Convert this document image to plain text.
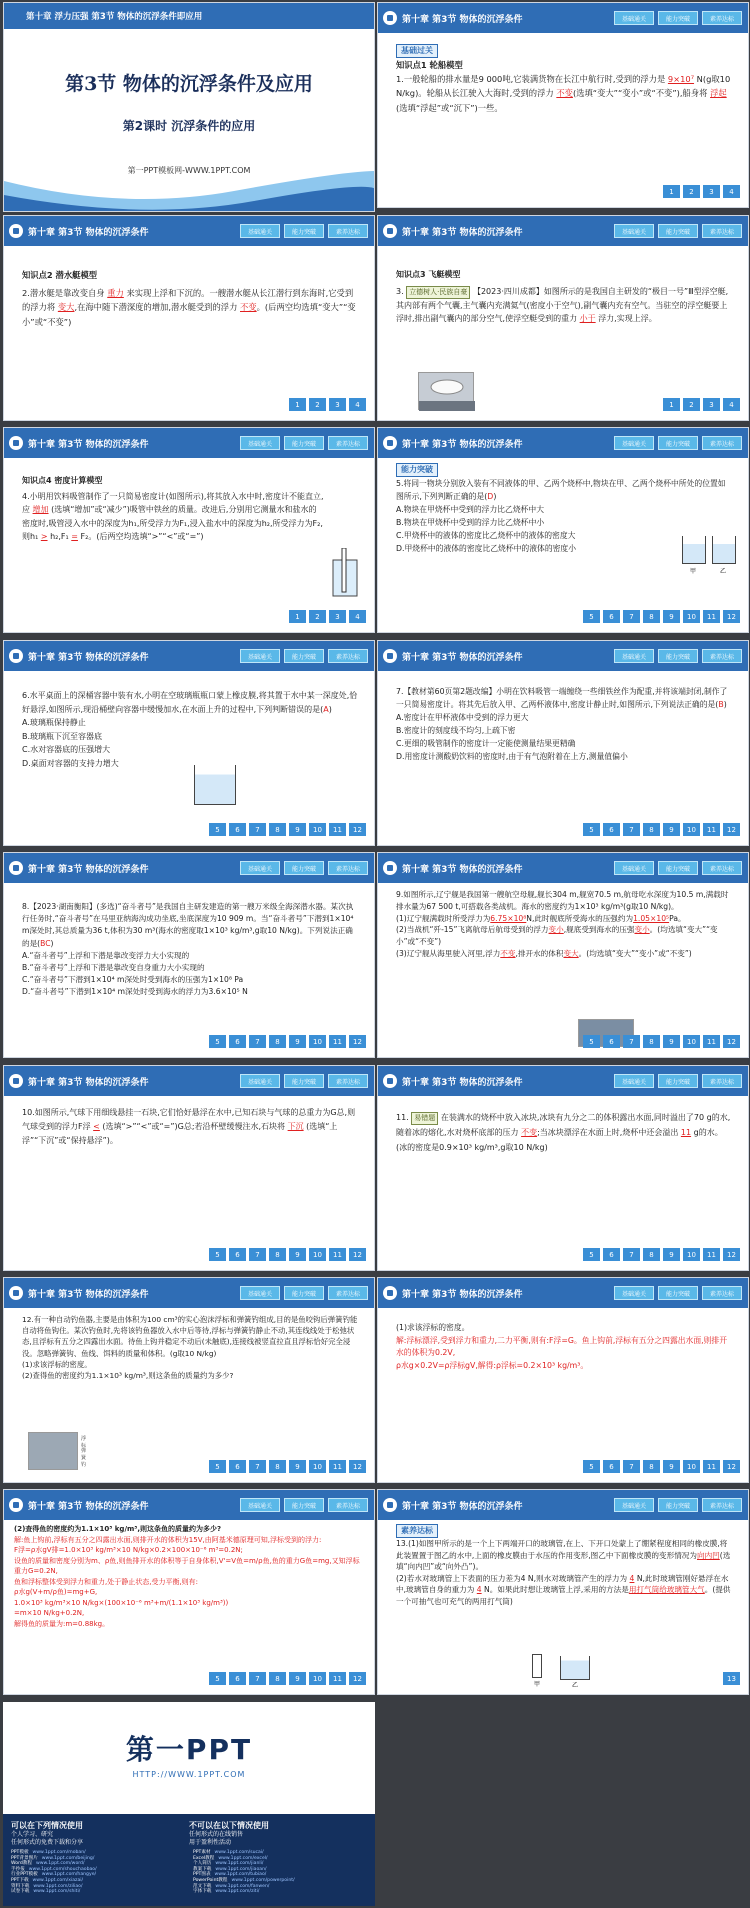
第十章 浮力压强 第3节 物体的沉浮条件即应用
第3节 物体的沉浮条件及应用
第2课时 沉浮条件的应用
第一PPT模板网-WWW.1PPT.COM
第十章 第3节 物体的沉浮条件	基础通关	能力突破	素养达标

基础过关

知识点1 轮船模型

1.一般轮船的排水量是9 000吨,它装满货物在长江中航行时,受到的浮力是 9×10⁷ N(g取10 N/kg)。轮船从长江驶入大海时,受到的浮力 不变(选填“变大”“变小”或“不变”),船身将 浮起(选填“浮起”或“沉下”)一些。

1	2	3	4
第十章 第3节 物体的沉浮条件	基础通关	能力突破	素养达标

知识点2 潜水艇模型

2.潜水艇是靠改变自身 重力 来实现上浮和下沉的。一艘潜水艇从长江潜行到东海时,它受到的浮力将 变大,在海中随下潜深度的增加,潜水艇受到的浮力 不变。(后两空均选填“变大”“变小”或“不变”)

1	2	3	4
第十章 第3节 物体的沉浮条件	基础通关	能力突破	素养达标

知识点3 飞艇模型

3. 立德树人·民族自豪 【2023·四川成都】如图所示的是我国自主研发的“极目一号”Ⅲ型浮空艇,其内部有两个气囊,主气囊内充满氦气(密度小于空气),副气囊内充有空气。当驻空的浮空艇要上浮时,排出副气囊内的部分空气,使浮空艇受到的重力 小于 浮力,实现上浮。

1	2	3	4
第十章 第3节 物体的沉浮条件	基础通关	能力突破	素养达标

知识点4 密度计算模型

4.小明用饮料吸管制作了一只简易密度计(如图所示),将其放入水中时,密度计不能直立,应 增加 (选填“增加”或“减少”)吸管中铁丝的质量。改进后,分别用它测量水和盐水的密度时,吸管浸入水中的深度为h₁,所受浮力为F₁,浸入盐水中的深度为h₂,所受浮力为F₂,则h₁ > h₂,F₁ = F₂。(后两空均选填“>”“<”或“=”)

1	2	3	4
第十章 第3节 物体的沉浮条件	基础通关	能力突破	素养达标

能力突破

5.将同一物块分别放入装有不同液体的甲、乙两个烧杯中,物块在甲、乙两个烧杯中所处的位置如图所示,下列判断正确的是(D)

A.物块在甲烧杯中受到的浮力比乙烧杯中大

B.物块在甲烧杯中受到的浮力比乙烧杯中小

C.甲烧杯中的液体的密度比乙烧杯中的液体的密度大

D.甲烧杯中的液体的密度比乙烧杯中的液体的密度小

甲	乙
5	6	7	8	9	10	11	12
第十章 第3节 物体的沉浮条件	基础通关	能力突破	素养达标

6.水平桌面上的深桶容器中装有水,小明在空玻璃瓶瓶口蒙上橡皮膜,将其置于水中某一深度处,恰好悬浮,如图所示,现沿桶壁向容器中缓慢加水,在水面上升的过程中,下列判断错误的是(A)

A.玻璃瓶保持静止

B.玻璃瓶下沉至容器底

C.水对容器底的压强增大

D.桌面对容器的支持力增大

5	6	7	8	9	10	11	12
第十章 第3节 物体的沉浮条件	基础通关	能力突破	素养达标

7.【教材第60页第2题改编】小明在饮料吸管一端缠绕一些细铁丝作为配重,并将该端封闭,制作了一只简易密度计。将其先后放入甲、乙两杯液体中,密度计静止时,如图所示,下列说法正确的是(B)

A.密度计在甲杯液体中受到的浮力更大

B.密度计的刻度线不均匀,上疏下密

C.更细的吸管制作的密度计一定能使测量结果更精确

D.用密度计测酸奶饮料的密度时,由于有气泡附着在上方,测量值偏小

5	6	7	8	9	10	11	12
第十章 第3节 物体的沉浮条件	基础通关	能力突破	素养达标

8.【2023·湖南衡阳】(多选)“奋斗者号”是我国自主研发建造的第一艘万米级全海深潜水器。某次执行任务时,“奋斗者号”在马里亚纳海沟成功坐底,坐底深度为10 909 m。当“奋斗者号”下潜到1×10⁴ m深处时,其总质量为36 t,体积为30 m³(海水的密度取1×10³ kg/m³,g取10 N/kg)。下列说法正确的是(BC)

A.“奋斗者号”上浮和下潜是靠改变浮力大小实现的

B.“奋斗者号”上浮和下潜是靠改变自身重力大小实现的

C.“奋斗者号”下潜到1×10⁴ m深处时受到海水的压强为1×10⁸ Pa

D.“奋斗者号”下潜到1×10⁴ m深处时受到海水的浮力为3.6×10⁵ N

5	6	7	8	9	10	11	12
第十章 第3节 物体的沉浮条件	基础通关	能力突破	素养达标

9.如图所示,辽宁舰是我国第一艘航空母舰,舰长304 m,舰宽70.5 m,航母吃水深度为10.5 m,满载时排水量为67 500 t,可搭载各类战机。海水的密度约为1×10³ kg/m³(g取10 N/kg)。

(1)辽宁舰满载时所受浮力为6.75×10⁸N,此时舰底所受海水的压强约为1.05×10⁵Pa。

(2)当战机“歼-15”飞离航母后航母受到的浮力变小,舰底受到海水的压强变小。(均选填“变大”“变小”或“不变”)

(3)辽宁舰从海里驶入河里,浮力不变,排开水的体积变大。(均选填“变大”“变小”或“不变”)

5	6	7	8	9	10	11	12
第十章 第3节 物体的沉浮条件	基础通关	能力突破	素养达标

10.如图所示,气球下用细线悬挂一石块,它们恰好悬浮在水中,已知石块与气球的总重力为G总,则气球受到的浮力F浮 < (选填“>”“<”或“=”)G总;若沿杯壁缓慢注水,石块将 下沉 (选填“上浮”“下沉”或“保持悬浮”)。

5	6	7	8	9	10	11	12
第十章 第3节 物体的沉浮条件	基础通关	能力突破	素养达标

11. 易错题 在装满水的烧杯中放入冰块,冰块有九分之二的体积露出水面,同时溢出了70 g的水,随着冰的熔化,水对烧杯底部的压力 不变;当冰块漂浮在水面上时,烧杯中还会溢出 11 g的水。(冰的密度是0.9×10³ kg/m³,g取10 N/kg)

5	6	7	8	9	10	11	12
第十章 第3节 物体的沉浮条件	基础通关	能力突破	素养达标

12.有一种自动钓鱼器,主要是由体积为100 cm³的实心泡沫浮标和弹簧钓组成,目的是鱼咬钩后弹簧钓能自动将鱼钩住。某次钓鱼时,先将该钓鱼器放入水中后等待,浮标与弹簧钓静止不动,其连线线处于松弛状态,且浮标有五分之四露出水面。待鱼上钩并稳定不动后(未触底),连接线被竖直拉直且浮标恰好完全浸没。忽略弹簧钩、鱼线、饵料的质量和体积。(g取10 N/kg)

(1)求该浮标的密度。

(2)查得鱼的密度约为1.1×10³ kg/m³,则这条鱼的质量约为多少?

浮标
弹簧钓	5	6	7	8	9	10	11	12
第十章 第3节 物体的沉浮条件	基础通关	能力突破	素养达标

(1)求该浮标的密度。

解:浮标漂浮,受到浮力和重力,二力平衡,则有:F浮=G。鱼上钩前,浮标有五分之四露出水面,则排开水的体积为0.2V,

ρ水g×0.2V=ρ浮标gV,解得:ρ浮标=0.2×10³ kg/m³。

5	6	7	8	9	10	11	12
第十章 第3节 物体的沉浮条件	基础通关	能力突破	素养达标

(2)查得鱼的密度约为1.1×10³ kg/m³,则这条鱼的质量约为多少?

解:鱼上钩前,浮标有五分之四露出水面,则排开水的体积为15V,由阿基米德原理可知,浮标受到的浮力:

F浮=ρ水gV排=1.0×10³ kg/m³×10 N/kg×0.2×100×10⁻⁶ m³=0.2N;

设鱼的质量和密度分别为m、ρ鱼,则鱼排开水的体积等于自身体积,V'=V鱼=m/ρ鱼,鱼的重力G鱼=mg,又知浮标重力G=0.2N,

鱼和浮标整体受到浮力和重力,处于静止状态,受力平衡,则有:

ρ水g(V+m/ρ鱼)=mg+G,

1.0×10³ kg/m³×10 N/kg×(100×10⁻⁶ m³+m/(1.1×10³ kg/m³))

=m×10 N/kg+0.2N,

解得鱼的质量为:m=0.88kg。

5	6	7	8	9	10	11	12
第十章 第3节 物体的沉浮条件	基础通关	能力突破	素养达标

素养达标

13.(1)如图甲所示的是一个上下两端开口的玻璃管,在上、下开口处蒙上了绷紧程度相同的橡皮膜,将此装置置于图乙的水中,上面的橡皮膜由于水压的作用变形,图乙中下面橡皮膜的变形情况为向内凹(选填“向内凹”或“向外凸”)。

(2)若水对玻璃管上下表面的压力差为4 N,则水对玻璃管产生的浮力为 4 N,此时玻璃管刚好悬浮在水中,玻璃管自身的重力为 4 N。如果此时想让玻璃管上浮,采用的方法是用打气筒给玻璃管大气。(提供一个可抽气也可充气的两用打气筒)

甲	乙
13
第一PPT
HTTP://WWW.1PPT.COM
可以在下列情况使用
个人学习、研究
任何形式的免费下载和分享
不可以在以下情况使用
任何形式的在线销售
用于盈利性活动
PPT模板 www.1ppt.com/moban/	PPT素材 www.1ppt.com/sucai/
PPT背景图片 www.1ppt.com/beijing/	Excel教程 www.1ppt.com/excel/
Word教程 www.1ppt.com/word/	个人简历 www.1ppt.com/jianli/
手抄报 www.1ppt.com/shouchaobao/	教案下载 www.1ppt.com/jiaoan/
行业PPT模板 www.1ppt.com/hangye/	PPT图表 www.1ppt.com/tubiao/
PPT下载 www.1ppt.com/xiazai/	PowerPoint教程 www.1ppt.com/powerpoint/
资料下载 www.1ppt.com/ziliao/	范文下载 www.1ppt.com/fanwen/
试卷下载 www.1ppt.com/shiti/	字体下载 www.1ppt.com/ziti/
